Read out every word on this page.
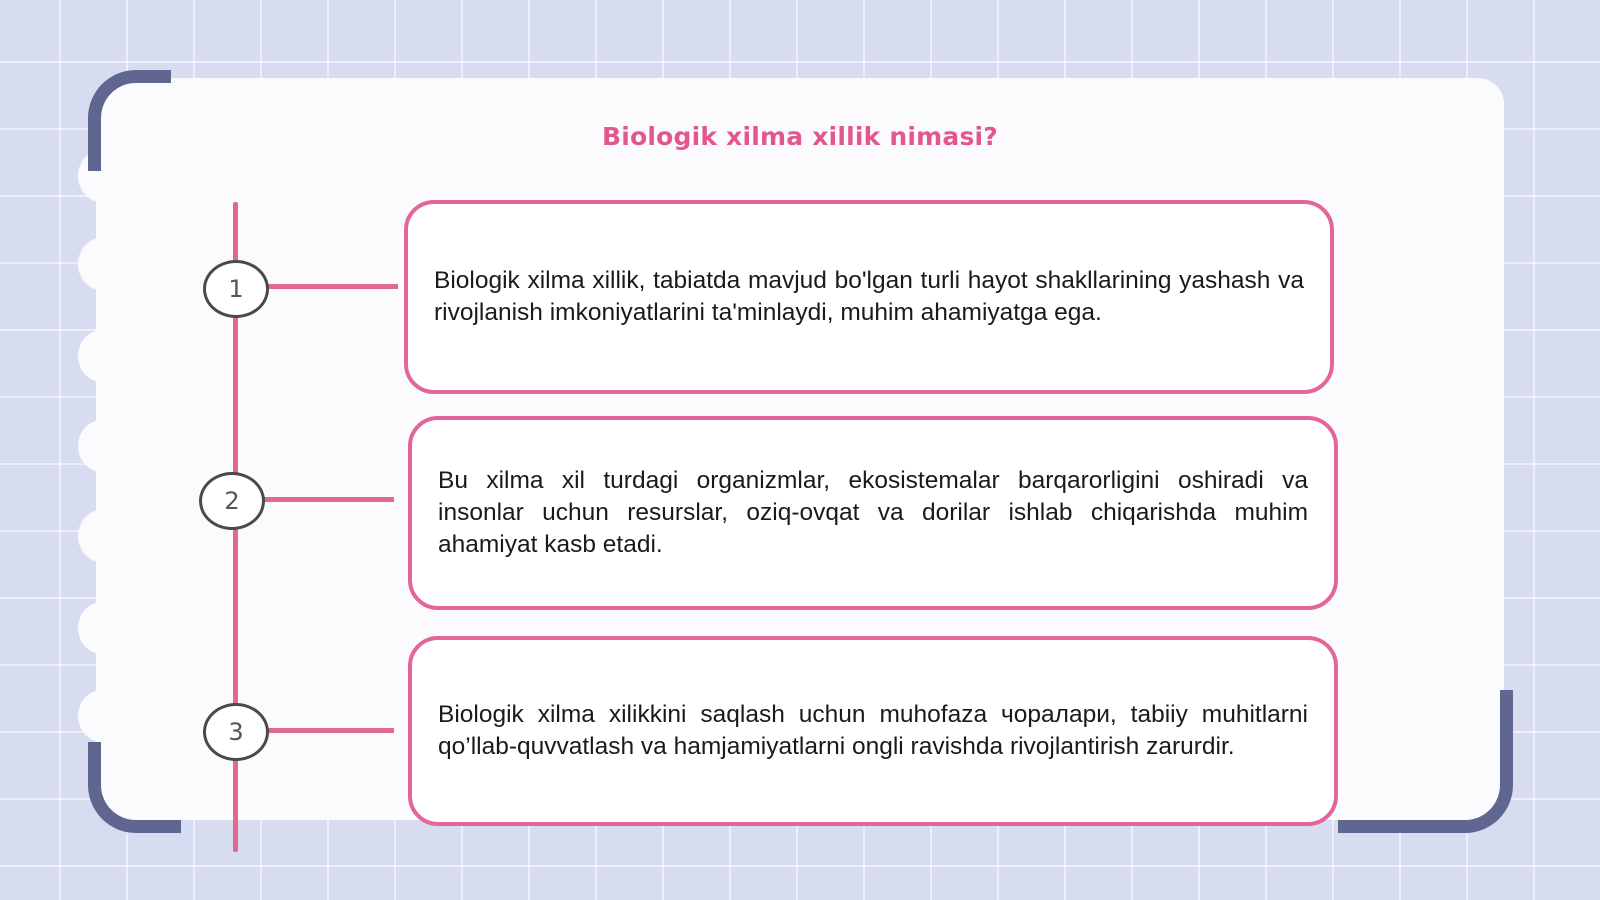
Biologik xilma xillik nimasi?
1	Biologik xilma xillik, tabiatda mavjud bo'lgan turli hayot shakllarining yashash va rivojlanish imkoniyatlarini ta'minlaydi, muhim ahamiyatga ega.
2
Bu xilma xil turdagi organizmlar, ekosistemalar barqarorligini oshiradi va insonlar uchun resurslar, oziq-ovqat va dorilar ishlab chiqarishda muhim ahamiyat kasb etadi.
3
Biologik xilma xilikkini saqlash uchun muhofaza чоралари, tabiiy muhitlarni qo’llab-quvvatlash va hamjamiyatlarni ongli ravishda rivojlantirish zarurdir.
